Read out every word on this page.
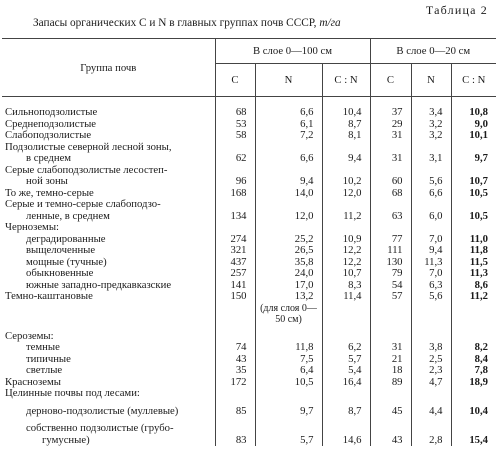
Таблица 2
Запасы органических C и N в главных группах почв СССР, т/га
Группа почв	В слое 0—100 см			В слое 0—20 см		
	C	N	C : N	C	N	C : N

Сильноподзолистые	68	6,6	10,4	37	3,4	10,8
Среднеподзолистые	53	6,1	8,7	29	3,2	9,0
Слабоподзолистые	58	7,2	8,1	31	3,2	10,1
Подзолистые северной лесной зоны,						
в среднем	62	6,6	9,4	31	3,1	9,7
Серые слабоподзолистые лесостеп-						
ной зоны	96	9,4	10,2	60	5,6	10,7
То же, темно-серые	168	14,0	12,0	68	6,6	10,5
Серые и темно-серые слабоподзо-						
ленные, в среднем	134	12,0	11,2	63	6,0	10,5
Черноземы:						
деградированные	274	25,2	10,9	77	7,0	11,0
выщелоченные	321	26,5	12,2	111	9,4	11,8
мощные (тучные)	437	35,8	12,2	130	11,3	11,5
обыкновенные	257	24,0	10,7	79	7,0	11,3
южные западно-предкавказские	141	17,0	8,3	54	6,3	8,6
Темно-каштановые	150	13,2	11,4	57	5,6	11,2
		(для слоя 0—50 см)				

Сероземы:						
темные	74	11,8	6,2	31	3,8	8,2
типичные	43	7,5	5,7	21	2,5	8,4
светлые	35	6,4	5,4	18	2,3	7,8
Красноземы	172	10,5	16,4	89	4,7	18,9
Целинные почвы под лесами:						

дерново-подзолистые (муллевые)	85	9,7	8,7	45	4,4	10,4

собственно подзолистые (грубо-						
гумусные)	83	5,7	14,6	43	2,8	15,4
